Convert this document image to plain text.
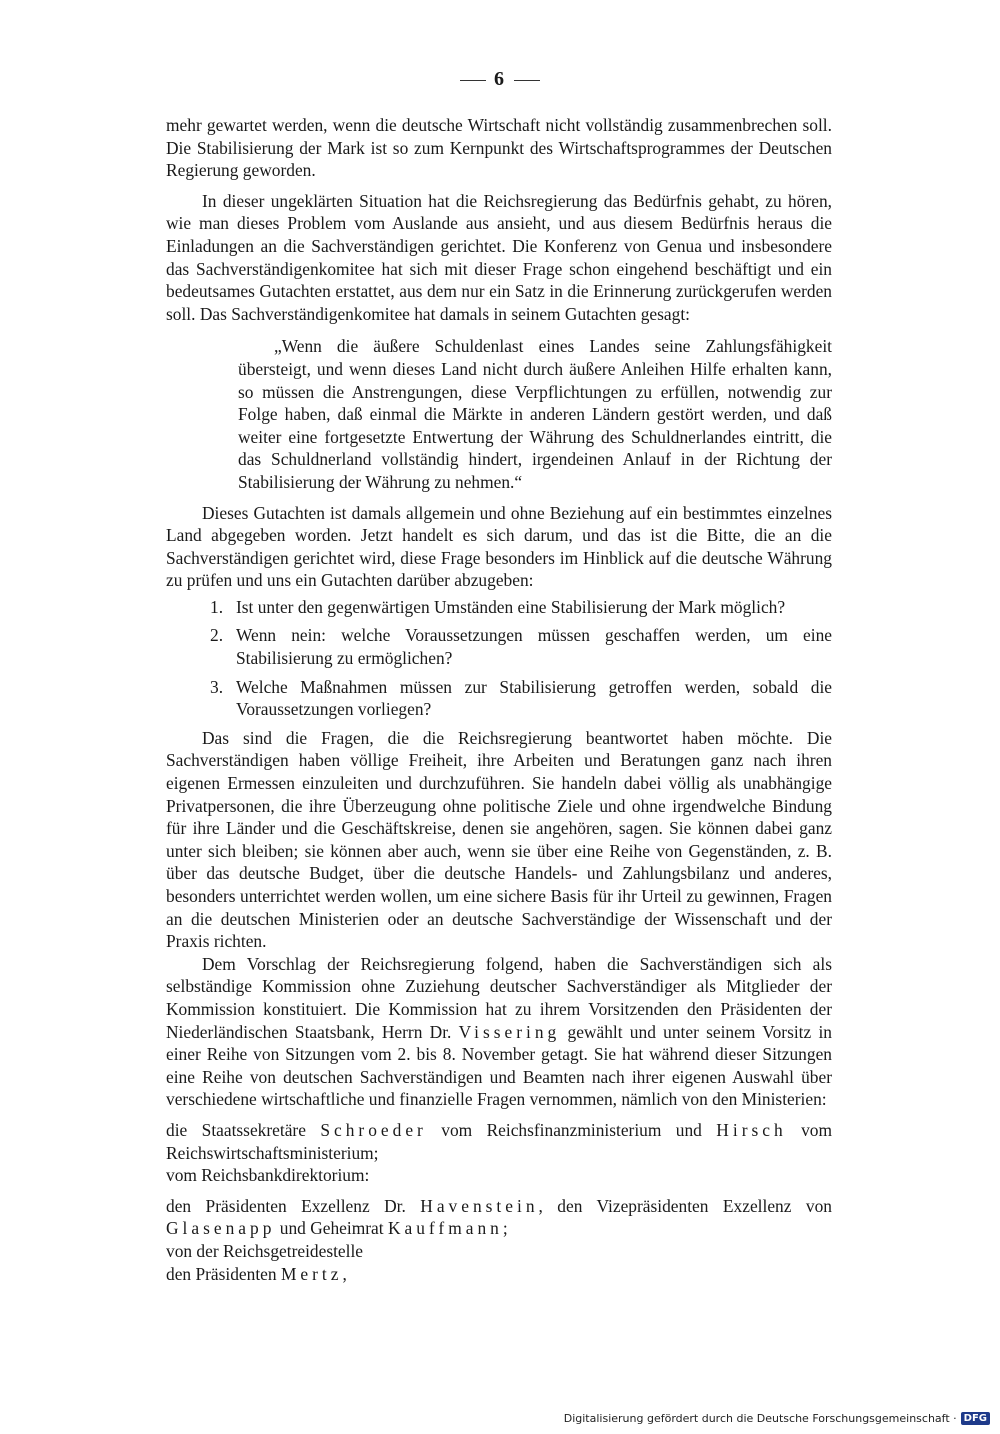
6

mehr gewartet werden, wenn die deutsche Wirtschaft nicht vollständig zusammenbrechen soll. Die Stabilisierung der Mark ist so zum Kernpunkt des Wirtschaftsprogrammes der Deutschen Regierung geworden.

In dieser ungeklärten Situation hat die Reichsregierung das Bedürfnis gehabt, zu hören, wie man dieses Problem vom Auslande aus ansieht, und aus diesem Bedürfnis heraus die Einladungen an die Sachverständigen gerichtet. Die Konferenz von Genua und insbesondere das Sachverständigenkomitee hat sich mit dieser Frage schon eingehend beschäftigt und ein bedeutsames Gutachten erstattet, aus dem nur ein Satz in die Erinnerung zurückgerufen werden soll. Das Sachverständigenkomitee hat damals in seinem Gutachten gesagt:

„Wenn die äußere Schuldenlast eines Landes seine Zahlungsfähigkeit übersteigt, und wenn dieses Land nicht durch äußere Anleihen Hilfe erhalten kann, so müssen die Anstrengungen, diese Verpflichtungen zu erfüllen, notwendig zur Folge haben, daß einmal die Märkte in anderen Ländern gestört werden, und daß weiter eine fortgesetzte Entwertung der Währung des Schuldnerlandes eintritt, die das Schuldnerland vollständig hindert, irgendeinen Anlauf in der Richtung der Stabilisierung der Währung zu nehmen.“

Dieses Gutachten ist damals allgemein und ohne Beziehung auf ein bestimmtes einzelnes Land abgegeben worden. Jetzt handelt es sich darum, und das ist die Bitte, die an die Sachverständigen gerichtet wird, diese Frage besonders im Hinblick auf die deutsche Währung zu prüfen und uns ein Gutachten darüber abzugeben:

1. Ist unter den gegenwärtigen Umständen eine Stabilisierung der Mark möglich?
2. Wenn nein: welche Voraussetzungen müssen geschaffen werden, um eine Stabilisierung zu ermöglichen?
3. Welche Maßnahmen müssen zur Stabilisierung getroffen werden, sobald die Voraussetzungen vorliegen?

Das sind die Fragen, die die Reichsregierung beantwortet haben möchte. Die Sachverständigen haben völlige Freiheit, ihre Arbeiten und Beratungen ganz nach ihren eigenen Ermessen einzuleiten und durchzuführen. Sie handeln dabei völlig als unabhängige Privatpersonen, die ihre Überzeugung ohne politische Ziele und ohne irgendwelche Bindung für ihre Länder und die Geschäftskreise, denen sie angehören, sagen. Sie können dabei ganz unter sich bleiben; sie können aber auch, wenn sie über eine Reihe von Gegenständen, z. B. über das deutsche Budget, über die deutsche Handels- und Zahlungsbilanz und anderes, besonders unterrichtet werden wollen, um eine sichere Basis für ihr Urteil zu gewinnen, Fragen an die deutschen Ministerien oder an deutsche Sachverständige der Wissenschaft und der Praxis richten.

Dem Vorschlag der Reichsregierung folgend, haben die Sachverständigen sich als selbständige Kommission ohne Zuziehung deutscher Sachverständiger als Mitglieder der Kommission konstituiert. Die Kommission hat zu ihrem Vorsitzenden den Präsidenten der Niederländischen Staatsbank, Herrn Dr. Vissering gewählt und unter seinem Vorsitz in einer Reihe von Sitzungen vom 2. bis 8. November getagt. Sie hat während dieser Sitzungen eine Reihe von deutschen Sachverständigen und Beamten nach ihrer eigenen Auswahl über verschiedene wirtschaftliche und finanzielle Fragen vernommen, nämlich von den Ministerien:

die Staatssekretäre Schroeder vom Reichsfinanzministerium und Hirsch vom Reichswirtschaftsministerium;

vom Reichsbankdirektorium:

den Präsidenten Exzellenz Dr. Havenstein, den Vizepräsidenten Exzellenz von Glasenapp und Geheimrat Kauffmann;

von der Reichsgetreidestelle

den Präsidenten Mertz,

Digitalisierung gefördert durch die Deutsche Forschungsgemeinschaft · DFG
